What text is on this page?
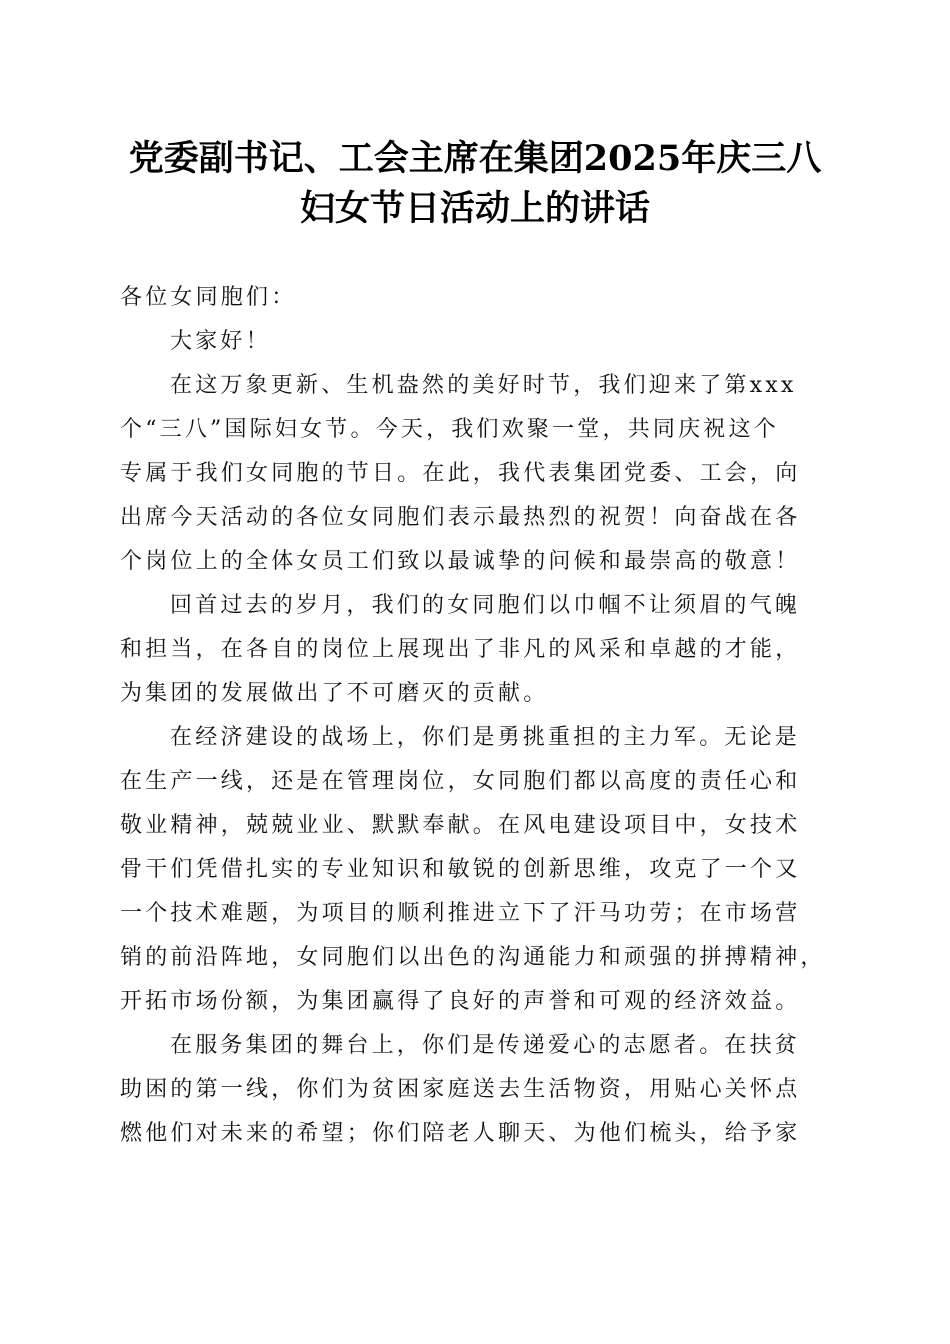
党委副书记、工会主席在集团2025年庆三八
妇女节日活动上的讲话
各位女同胞们：
大家好！
在这万象更新、生机盎然的美好时节，我们迎来了第xxx
个“三八”国际妇女节。今天，我们欢聚一堂，共同庆祝这个
专属于我们女同胞的节日。在此，我代表集团党委、工会，向
出席今天活动的各位女同胞们表示最热烈的祝贺！向奋战在各
个岗位上的全体女员工们致以最诚挚的问候和最崇高的敬意！
回首过去的岁月，我们的女同胞们以巾帼不让须眉的气魄
和担当，在各自的岗位上展现出了非凡的风采和卓越的才能，
为集团的发展做出了不可磨灭的贡献。
在经济建设的战场上，你们是勇挑重担的主力军。无论是
在生产一线，还是在管理岗位，女同胞们都以高度的责任心和
敬业精神，兢兢业业、默默奉献。在风电建设项目中，女技术
骨干们凭借扎实的专业知识和敏锐的创新思维，攻克了一个又
一个技术难题，为项目的顺利推进立下了汗马功劳；在市场营
销的前沿阵地，女同胞们以出色的沟通能力和顽强的拼搏精神，
开拓市场份额，为集团赢得了良好的声誉和可观的经济效益。
在服务集团的舞台上，你们是传递爱心的志愿者。在扶贫
助困的第一线，你们为贫困家庭送去生活物资，用贴心关怀点
燃他们对未来的希望；你们陪老人聊天、为他们梳头，给予家
